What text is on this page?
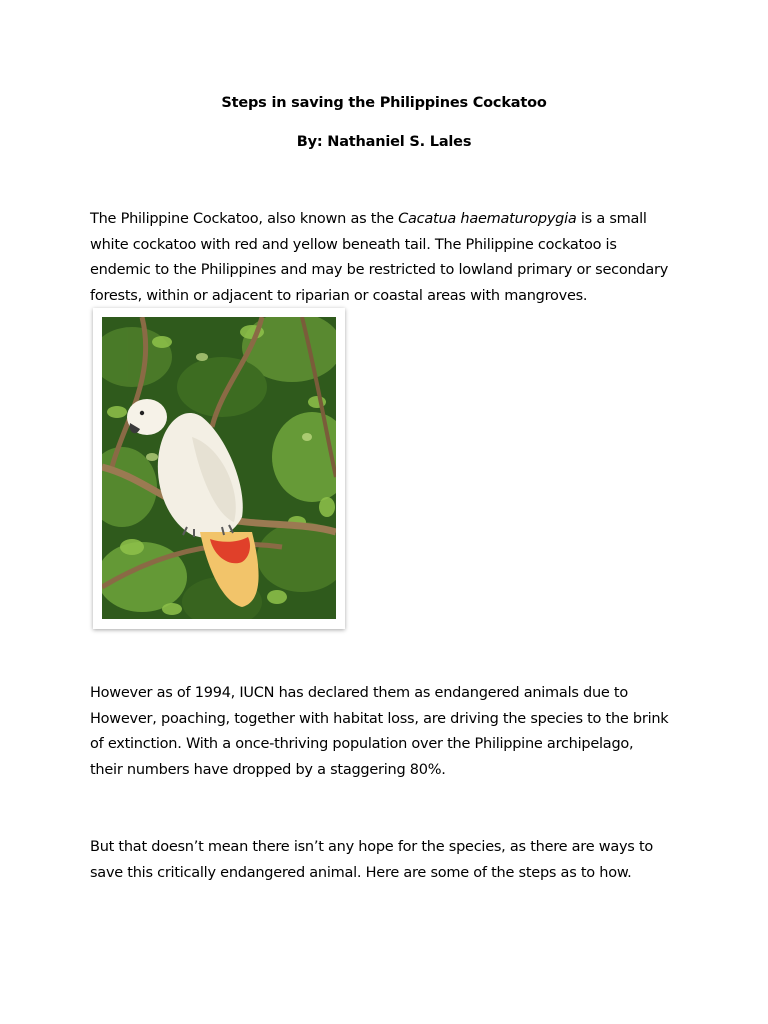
Steps in saving the Philippines Cockatoo
By: Nathaniel S. Lales
The Philippine Cockatoo, also known as the Cacatua haematuropygia is a small
white cockatoo with red and yellow beneath tail. The Philippine cockatoo is
endemic to the Philippines and may be restricted to lowland primary or secondary
forests, within or adjacent to riparian or coastal areas with mangroves.
However as of 1994, IUCN has declared them as endangered animals due to
However, poaching, together with habitat loss, are driving the species to the brink
of extinction. With a once-thriving population over the Philippine archipelago,
their numbers have dropped by a staggering 80%.
But that doesn’t mean there isn’t any hope for the species, as there are ways to
save this critically endangered animal. Here are some of the steps as to how.
